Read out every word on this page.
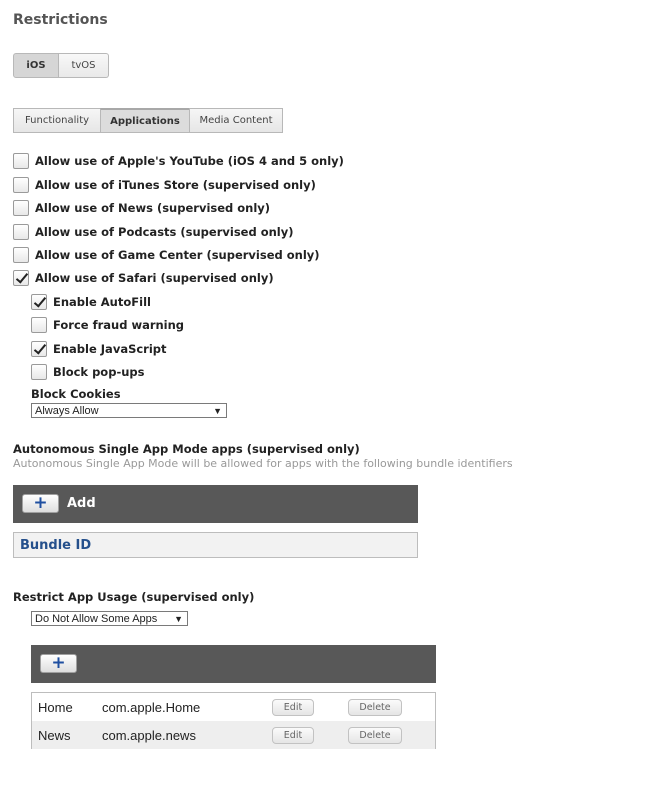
Restrictions
iOS	tvOS
Functionality	Applications	Media Content
Allow use of Apple's YouTube (iOS 4 and 5 only)
Allow use of iTunes Store (supervised only)
Allow use of News (supervised only)
Allow use of Podcasts (supervised only)
Allow use of Game Center (supervised only)
Allow use of Safari (supervised only)
Enable AutoFill
Force fraud warning
Enable JavaScript
Block pop-ups
Block Cookies
Always Allow	▼
Autonomous Single App Mode apps (supervised only)
Autonomous Single App Mode will be allowed for apps with the following bundle identifiers
+ Add
Bundle ID
Restrict App Usage (supervised only)
Do Not Allow Some Apps ▼
+
Home com.apple.Home	Edit	Delete
News com.apple.news	Edit	Delete
